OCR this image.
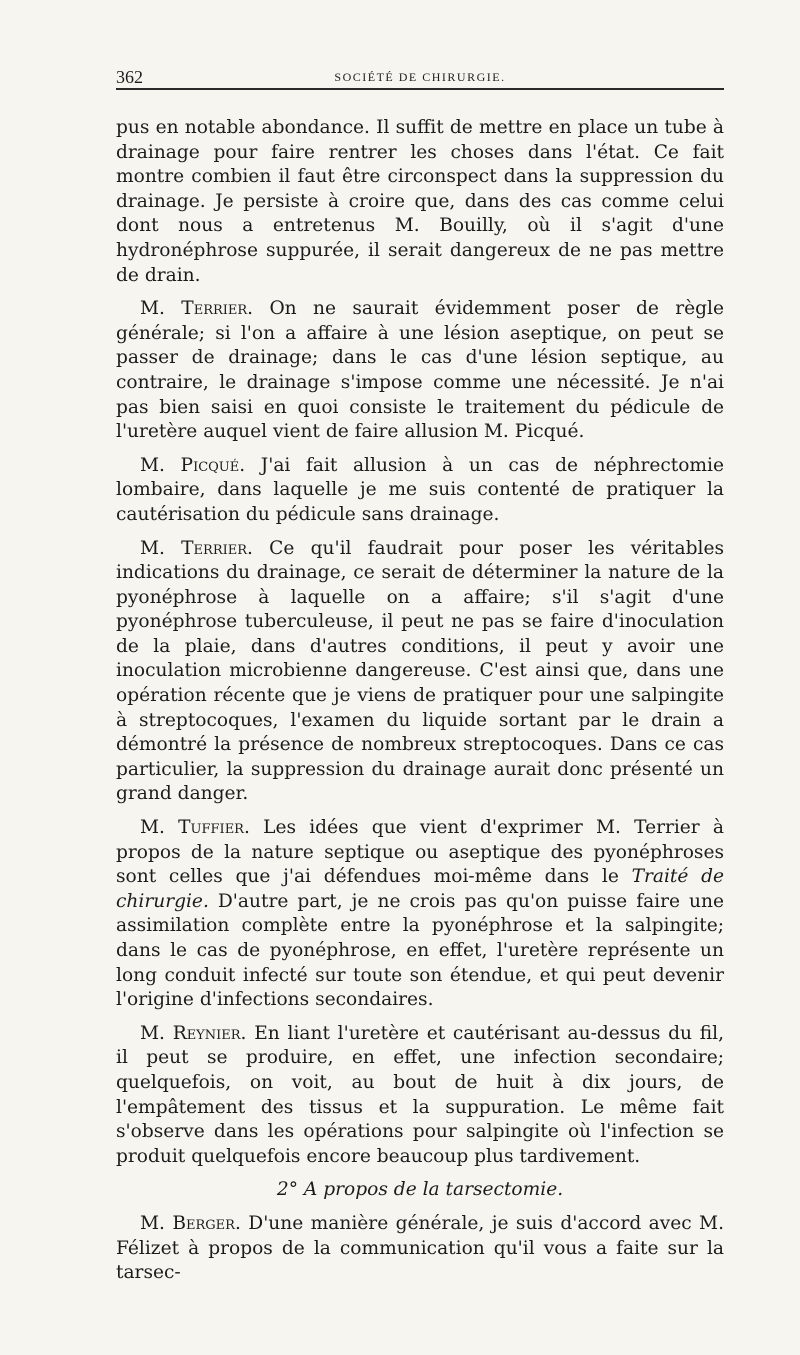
362	SOCIÉTÉ DE CHIRURGIE.

pus en notable abondance. Il suffit de mettre en place un tube à drainage pour faire rentrer les choses dans l'état. Ce fait montre combien il faut être circonspect dans la suppression du drainage. Je persiste à croire que, dans des cas comme celui dont nous a entretenus M. Bouilly, où il s'agit d'une hydronéphrose suppurée, il serait dangereux de ne pas mettre de drain.

M. Terrier. On ne saurait évidemment poser de règle générale; si l'on a affaire à une lésion aseptique, on peut se passer de drainage; dans le cas d'une lésion septique, au contraire, le drainage s'impose comme une nécessité. Je n'ai pas bien saisi en quoi consiste le traitement du pédicule de l'uretère auquel vient de faire allusion M. Picqué.

M. Picqué. J'ai fait allusion à un cas de néphrectomie lombaire, dans laquelle je me suis contenté de pratiquer la cautérisation du pédicule sans drainage.

M. Terrier. Ce qu'il faudrait pour poser les véritables indications du drainage, ce serait de déterminer la nature de la pyonéphrose à laquelle on a affaire; s'il s'agit d'une pyonéphrose tuberculeuse, il peut ne pas se faire d'inoculation de la plaie, dans d'autres conditions, il peut y avoir une inoculation microbienne dangereuse. C'est ainsi que, dans une opération récente que je viens de pratiquer pour une salpingite à streptocoques, l'examen du liquide sortant par le drain a démontré la présence de nombreux streptocoques. Dans ce cas particulier, la suppression du drainage aurait donc présenté un grand danger.

M. Tuffier. Les idées que vient d'exprimer M. Terrier à propos de la nature septique ou aseptique des pyonéphroses sont celles que j'ai défendues moi-même dans le Traité de chirurgie. D'autre part, je ne crois pas qu'on puisse faire une assimilation complète entre la pyonéphrose et la salpingite; dans le cas de pyonéphrose, en effet, l'uretère représente un long conduit infecté sur toute son étendue, et qui peut devenir l'origine d'infections secondaires.

M. Reynier. En liant l'uretère et cautérisant au-dessus du fil, il peut se produire, en effet, une infection secondaire; quelquefois, on voit, au bout de huit à dix jours, de l'empâtement des tissus et la suppuration. Le même fait s'observe dans les opérations pour salpingite où l'infection se produit quelquefois encore beaucoup plus tardivement.

2° A propos de la tarsectomie.

M. Berger. D'une manière générale, je suis d'accord avec M. Félizet à propos de la communication qu'il vous a faite sur la tarsec-
